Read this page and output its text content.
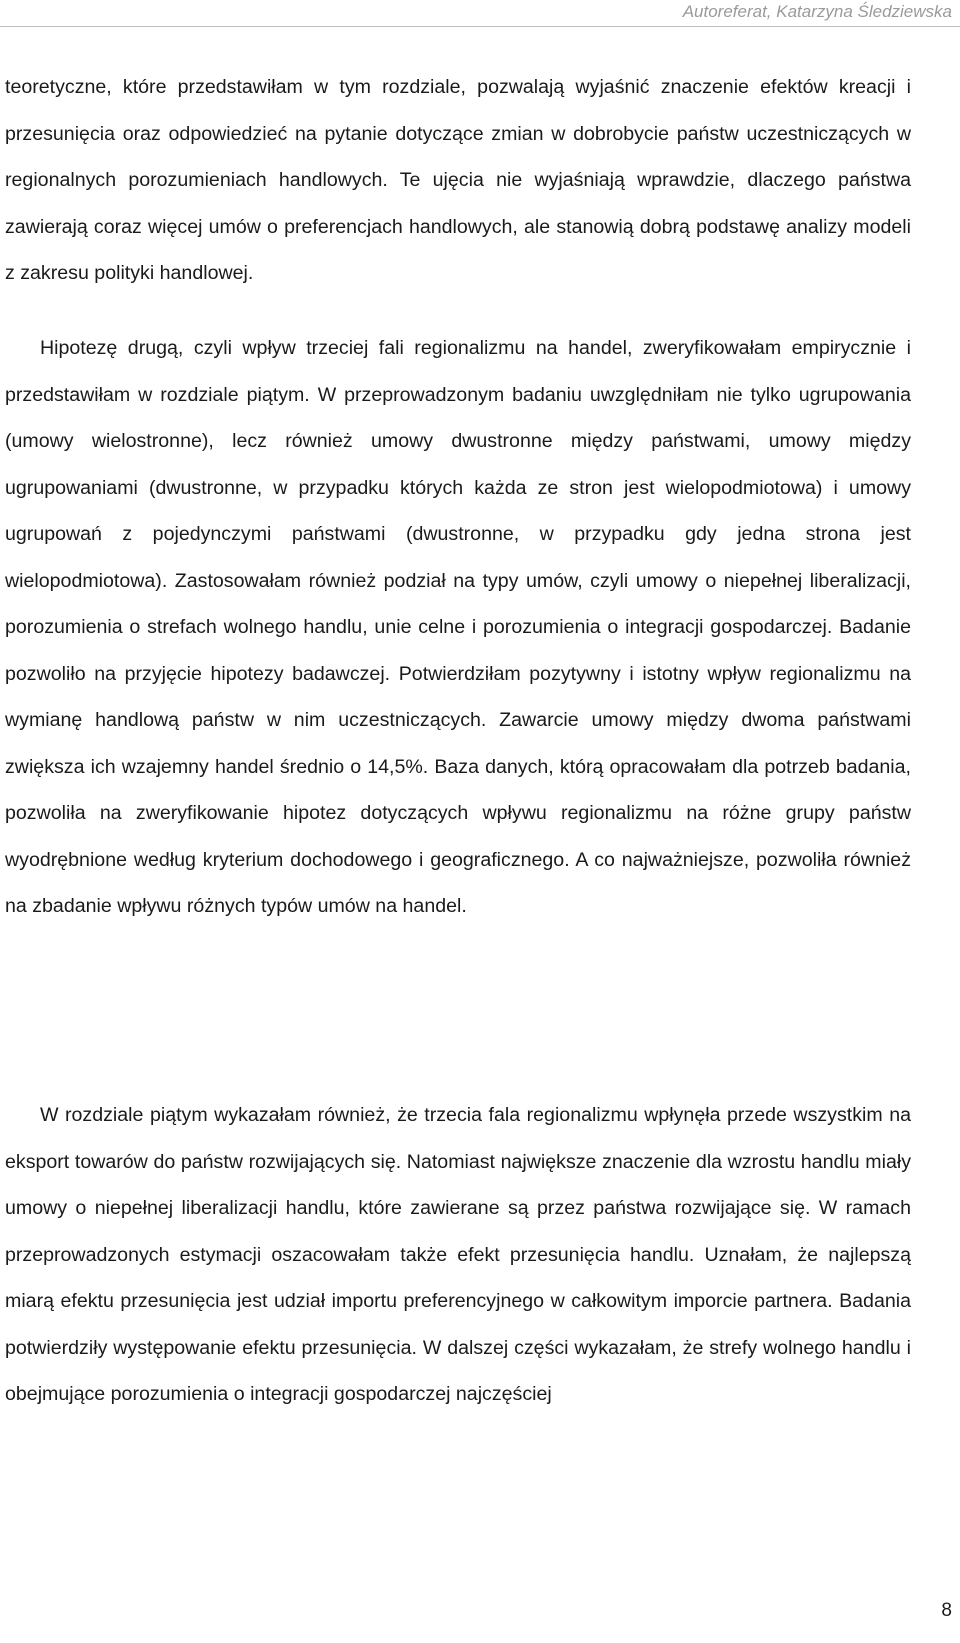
Autoreferat, Katarzyna Śledziewska

teoretyczne, które przedstawiłam w tym rozdziale, pozwalają wyjaśnić znaczenie efektów kreacji i przesunięcia oraz odpowiedzieć na pytanie dotyczące zmian w dobrobycie państw uczestniczących w regionalnych porozumieniach handlowych. Te ujęcia nie wyjaśniają wprawdzie, dlaczego państwa zawierają coraz więcej umów o preferencjach handlowych, ale stanowią dobrą podstawę analizy modeli z zakresu polityki handlowej.

Hipotezę drugą, czyli wpływ trzeciej fali regionalizmu na handel, zweryfikowałam empirycznie i przedstawiłam w rozdziale piątym. W przeprowadzonym badaniu uwzględniłam nie tylko ugrupowania (umowy wielostronne), lecz również umowy dwustronne między państwami, umowy między ugrupowaniami (dwustronne, w przypadku których każda ze stron jest wielopodmiotowa) i umowy ugrupowań z pojedynczymi państwami (dwustronne, w przypadku gdy jedna strona jest wielopodmiotowa). Zastosowałam również podział na typy umów, czyli umowy o niepełnej liberalizacji, porozumienia o strefach wolnego handlu, unie celne i porozumienia o integracji gospodarczej. Badanie pozwoliło na przyjęcie hipotezy badawczej. Potwierdziłam pozytywny i istotny wpływ regionalizmu na wymianę handlową państw w nim uczestniczących. Zawarcie umowy między dwoma państwami zwiększa ich wzajemny handel średnio o 14,5%. Baza danych, którą opracowałam dla potrzeb badania, pozwoliła na zweryfikowanie hipotez dotyczących wpływu regionalizmu na różne grupy państw wyodrębnione według kryterium dochodowego i geograficznego. A co najważniejsze, pozwoliła również na zbadanie wpływu różnych typów umów na handel.

W rozdziale piątym wykazałam również, że trzecia fala regionalizmu wpłynęła przede wszystkim na eksport towarów do państw rozwijających się. Natomiast największe znaczenie dla wzrostu handlu miały umowy o niepełnej liberalizacji handlu, które zawierane są przez państwa rozwijające się. W ramach przeprowadzonych estymacji oszacowałam także efekt przesunięcia handlu. Uznałam, że najlepszą miarą efektu przesunięcia jest udział importu preferencyjnego w całkowitym imporcie partnera. Badania potwierdziły występowanie efektu przesunięcia. W dalszej części wykazałam, że strefy wolnego handlu i obejmujące porozumienia o integracji gospodarczej najczęściej

8
